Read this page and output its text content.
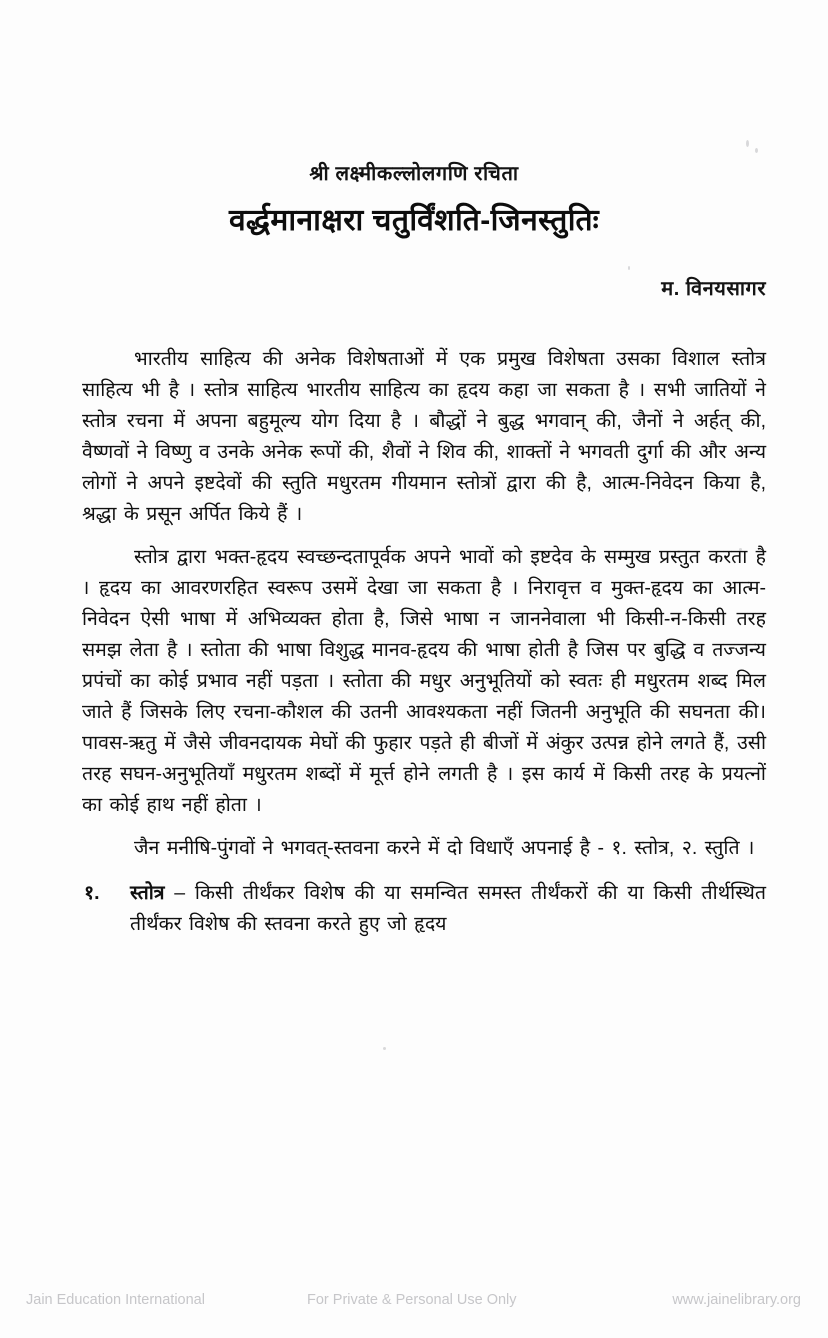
श्री लक्ष्मीकल्लोलगणि रचिता
वर्द्धमानाक्षरा चतुर्विंशति-जिनस्तुतिः
म. विनयसागर

भारतीय साहित्य की अनेक विशेषताओं में एक प्रमुख विशेषता उसका विशाल स्तोत्र साहित्य भी है । स्तोत्र साहित्य भारतीय साहित्य का हृदय कहा जा सकता है । सभी जातियों ने स्तोत्र रचना में अपना बहुमूल्य योग दिया है । बौद्धों ने बुद्ध भगवान् की, जैनों ने अर्हत् की, वैष्णवों ने विष्णु व उनके अनेक रूपों की, शैवों ने शिव की, शाक्तों ने भगवती दुर्गा की और अन्य लोगों ने अपने इष्टदेवों की स्तुति मधुरतम गीयमान स्तोत्रों द्वारा की है, आत्म-निवेदन किया है, श्रद्धा के प्रसून अर्पित किये हैं ।

स्तोत्र द्वारा भक्त-हृदय स्वच्छन्दतापूर्वक अपने भावों को इष्टदेव के सम्मुख प्रस्तुत करता है । हृदय का आवरणरहित स्वरूप उसमें देखा जा सकता है । निरावृत्त व मुक्त-हृदय का आत्म-निवेदन ऐसी भाषा में अभिव्यक्त होता है, जिसे भाषा न जाननेवाला भी किसी-न-किसी तरह समझ लेता है । स्तोता की भाषा विशुद्ध मानव-हृदय की भाषा होती है जिस पर बुद्धि व तज्जन्य प्रपंचों का कोई प्रभाव नहीं पड़ता । स्तोता की मधुर अनुभूतियों को स्वतः ही मधुरतम शब्द मिल जाते हैं जिसके लिए रचना-कौशल की उतनी आवश्यकता नहीं जितनी अनुभूति की सघनता की। पावस-ऋतु में जैसे जीवनदायक मेघों की फुहार पड़ते ही बीजों में अंकुर उत्पन्न होने लगते हैं, उसी तरह सघन-अनुभूतियाँ मधुरतम शब्दों में मूर्त्त होने लगती है । इस कार्य में किसी तरह के प्रयत्नों का कोई हाथ नहीं होता ।

जैन मनीषि-पुंगवों ने भगवत्-स्तवना करने में दो विधाएँ अपनाई है - १. स्तोत्र, २. स्तुति ।

१. स्तोत्र – किसी तीर्थंकर विशेष की या समन्वित समस्त तीर्थंकरों की या किसी तीर्थस्थित तीर्थंकर विशेष की स्तवना करते हुए जो हृदय
Jain Education International	For Private & Personal Use Only	www.jainelibrary.org
